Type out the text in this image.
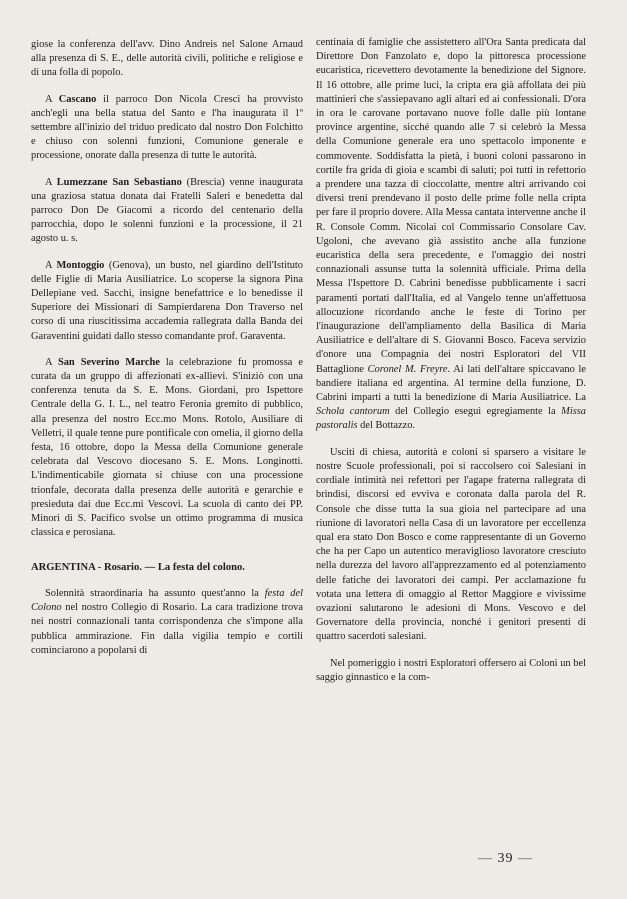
giose la conferenza dell'avv. Dino Andreis nel Salone Arnaud alla presenza di S. E., delle autorità civili, politiche e religiose e di una folla di popolo.

A Cascano il parroco Don Nicola Cresci ha provvisto anch'egli una bella statua del Santo e l'ha inaugurata il 1º settembre all'inizio del triduo predicato dal nostro Don Folchitto e chiuso con solenni funzioni, Comunione generale e processione, onorate dalla presenza di tutte le autorità.

A Lumezzane San Sebastiano (Brescia) venne inaugurata una graziosa statua donata dai Fratelli Saleri e benedetta dal parroco Don De Giacomi a ricordo del centenario della parrocchia, dopo le solenni funzioni e la processione, il 21 agosto u. s.

A Montoggio (Genova), un busto, nel giardino dell'Istituto delle Figlie di Maria Ausiliatrice. Lo scoperse la signora Pina Dellepiane ved. Sacchi, insigne benefattrice e lo benedisse il Superiore dei Missionari di Sampierdarena Don Traverso nel corso di una riuscitissima accademia rallegrata dalla Banda dei Garaventini guidati dallo stesso comandante prof. Garaventa.

A San Severino Marche la celebrazione fu promossa e curata da un gruppo di affezionati ex-allievi. S'iniziò con una conferenza tenuta da S. E. Mons. Giordani, pro Ispettore Centrale della G. I. L., nel teatro Feronia gremito di pubblico, alla presenza del nostro Ecc.mo Mons. Rotolo, Ausiliare di Velletri, il quale tenne pure pontificale con omelia, il giorno della festa, 16 ottobre, dopo la Messa della Comunione generale celebrata dal Vescovo diocesano S. E. Mons. Longinotti. L'indimenticabile giornata si chiuse con una processione trionfale, decorata dalla presenza delle autorità e gerarchie e presieduta dai due Ecc.mi Vescovi. La scuola di canto dei PP. Minori di S. Pacifico svolse un ottimo programma di musica classica e perosiana.

ARGENTINA - Rosario. — La festa del colono.

Solennità straordinaria ha assunto quest'anno la festa del Colono nel nostro Collegio di Rosario. La cara tradizione trova nei nostri connazionali tanta corrispondenza che s'impone alla pubblica ammirazione. Fin dalla vigilia tempio e cortili cominciarono a popolarsi di

centinaia di famiglie che assistettero all'Ora Santa predicata dal Direttore Don Fanzolato e, dopo la pittoresca processione eucaristica, ricevettero devotamente la benedizione del Signore. Il 16 ottobre, alle prime luci, la cripta era già affollata dei più mattinieri che s'assiepavano agli altari ed ai confessionali. D'ora in ora le carovane portavano nuove folle dalle più lontane province argentine, sicché quando alle 7 si celebrò la Messa della Comunione generale era uno spettacolo imponente e commovente. Soddisfatta la pietà, i buoni coloni passarono in cortile fra grida di gioia e scambi di saluti; poi tutti in refettorio a prendere una tazza di cioccolatte, mentre altri arrivando coi diversi treni prendevano il posto delle prime folle nella cripta per fare il proprio dovere. Alla Messa cantata intervenne anche il R. Console Comm. Nicolai col Commissario Consolare Cav. Ugoloni, che avevano già assistito anche alla funzione eucaristica della sera precedente, e l'omaggio dei nostri connazionali assunse tutta la solennità ufficiale. Prima della Messa l'Ispettore D. Cabrini benedisse pubblicamente i sacri paramenti portati dall'Italia, ed al Vangelo tenne un'affettuosa allocuzione ricordando anche le feste di Torino per l'inaugurazione dell'ampliamento della Basilica di Maria Ausiliatrice e dell'altare di S. Giovanni Bosco. Faceva servizio d'onore una Compagnia dei nostri Esploratori del VII Battaglione Coronel M. Freyre. Ai lati dell'altare spiccavano le bandiere italiana ed argentina. Al termine della funzione, D. Cabrini imparti a tutti la benedizione di Maria Ausiliatrice. La Schola cantorum del Collegio eseguì egregiamente la Missa pastoralis del Bottazzo.

Usciti di chiesa, autorità e coloni si sparsero a visitare le nostre Scuole professionali, poi si raccolsero coi Salesiani in cordiale intimità nei refettori per l'agape fraterna rallegrata di brindisi, discorsi ed evviva e coronata dalla parola del R. Console che disse tutta la sua gioia nel partecipare ad una riunione di lavoratori nella Casa di un lavoratore per eccellenza qual era stato Don Bosco e come rappresentante di un Governo che ha per Capo un autentico meraviglioso lavoratore cresciuto nella durezza del lavoro all'apprezzamento ed al potenziamento delle fatiche dei lavoratori dei campi. Per acclamazione fu votata una lettera di omaggio al Rettor Maggiore e vivissime ovazioni salutarono le adesioni di Mons. Vescovo e del Governatore della provincia, nonché i genitori presenti di quattro sacerdoti salesiani.

Nel pomeriggio i nostri Esploratori offersero ai Coloni un bel saggio ginnastico e la com-

— 39 —
